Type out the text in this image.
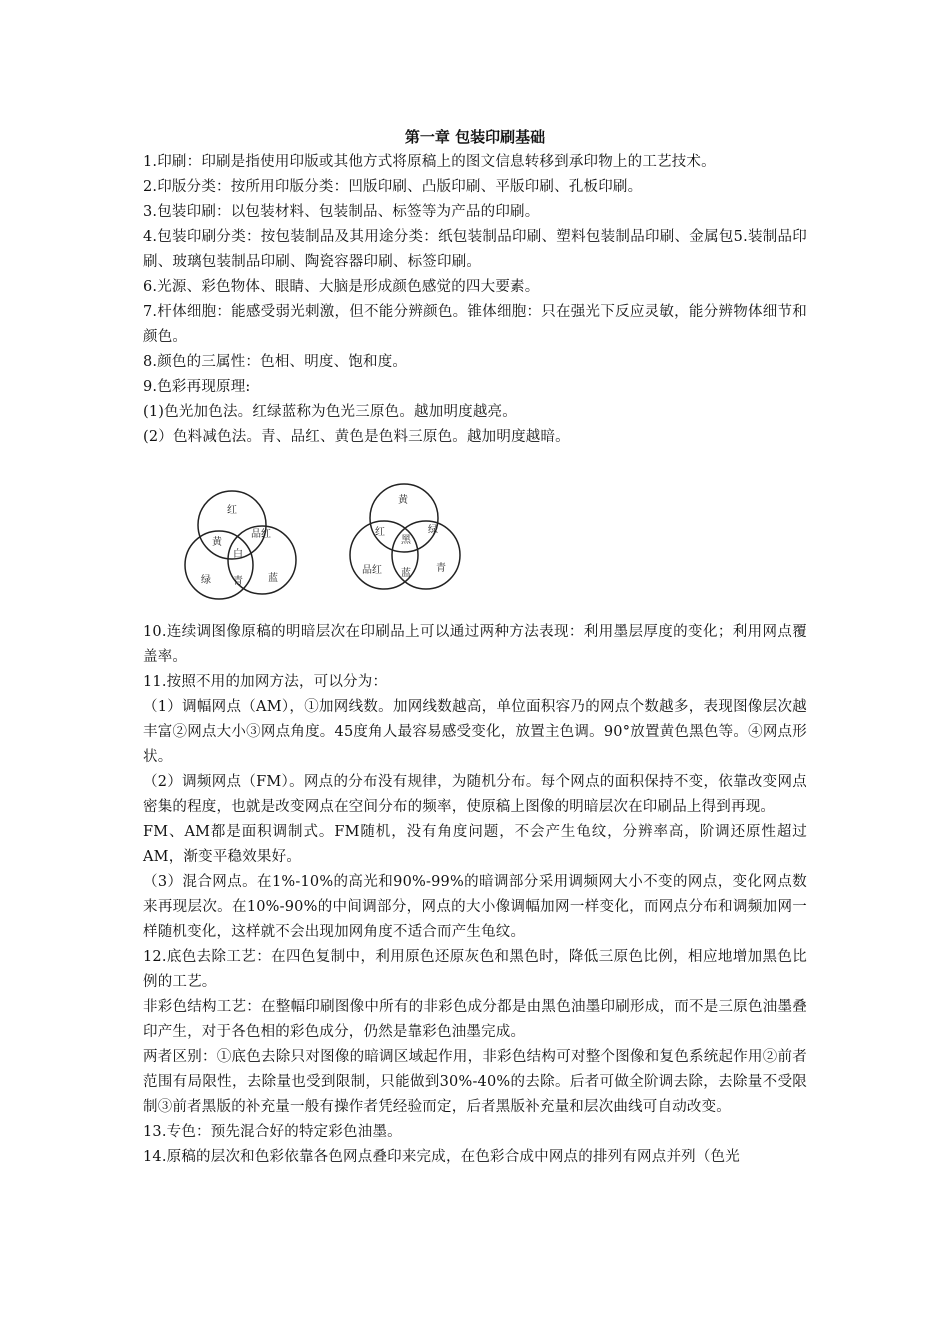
第一章 包装印刷基础

1.印刷：印刷是指使用印版或其他方式将原稿上的图文信息转移到承印物上的工艺技术。

2.印版分类：按所用印版分类：凹版印刷、凸版印刷、平版印刷、孔板印刷。

3.包装印刷：以包装材料、包装制品、标签等为产品的印刷。

4.包装印刷分类：按包装制品及其用途分类：纸包装制品印刷、塑料包装制品印刷、金属包5.装制品印刷、玻璃包装制品印刷、陶瓷容器印刷、标签印刷。

6.光源、彩色物体、眼睛、大脑是形成颜色感觉的四大要素。

7.杆体细胞：能感受弱光刺激，但不能分辨颜色。锥体细胞：只在强光下反应灵敏，能分辨物体细节和颜色。

8.颜色的三属性：色相、明度、饱和度。

9.色彩再现原理:

(1)色光加色法。红绿蓝称为色光三原色。越加明度越亮。

(2）色料减色法。青、品红、黄色是色料三原色。越加明度越暗。

红
黄
品红
白
绿 青	蓝
黄
红	绿
黑
品红 蓝	青

10.连续调图像原稿的明暗层次在印刷品上可以通过两种方法表现：利用墨层厚度的变化；利用网点覆盖率。

11.按照不用的加网方法，可以分为：

（1）调幅网点（AM），①加网线数。加网线数越高，单位面积容乃的网点个数越多，表现图像层次越丰富②网点大小③网点角度。45度角人最容易感受变化，放置主色调。90°放置黄色黑色等。④网点形状。

（2）调频网点（FM）。网点的分布没有规律，为随机分布。每个网点的面积保持不变，依靠改变网点密集的程度，也就是改变网点在空间分布的频率，使原稿上图像的明暗层次在印刷品上得到再现。

FM、AM都是面积调制式。FM随机，没有角度问题，不会产生龟纹，分辨率高，阶调还原性超过AM，渐变平稳效果好。

（3）混合网点。在1%-10%的高光和90%-99%的暗调部分采用调频网大小不变的网点，变化网点数来再现层次。在10%-90%的中间调部分，网点的大小像调幅加网一样变化，而网点分布和调频加网一样随机变化，这样就不会出现加网角度不适合而产生龟纹。

12.底色去除工艺：在四色复制中，利用原色还原灰色和黑色时，降低三原色比例，相应地增加黑色比例的工艺。

非彩色结构工艺：在整幅印刷图像中所有的非彩色成分都是由黑色油墨印刷形成，而不是三原色油墨叠印产生，对于各色相的彩色成分，仍然是靠彩色油墨完成。

两者区别：①底色去除只对图像的暗调区域起作用，非彩色结构可对整个图像和复色系统起作用②前者范围有局限性，去除量也受到限制，只能做到30%-40%的去除。后者可做全阶调去除，去除量不受限制③前者黑版的补充量一般有操作者凭经验而定，后者黑版补充量和层次曲线可自动改变。

13.专色：预先混合好的特定彩色油墨。

14.原稿的层次和色彩依靠各色网点叠印来完成，在色彩合成中网点的排列有网点并列（色光
